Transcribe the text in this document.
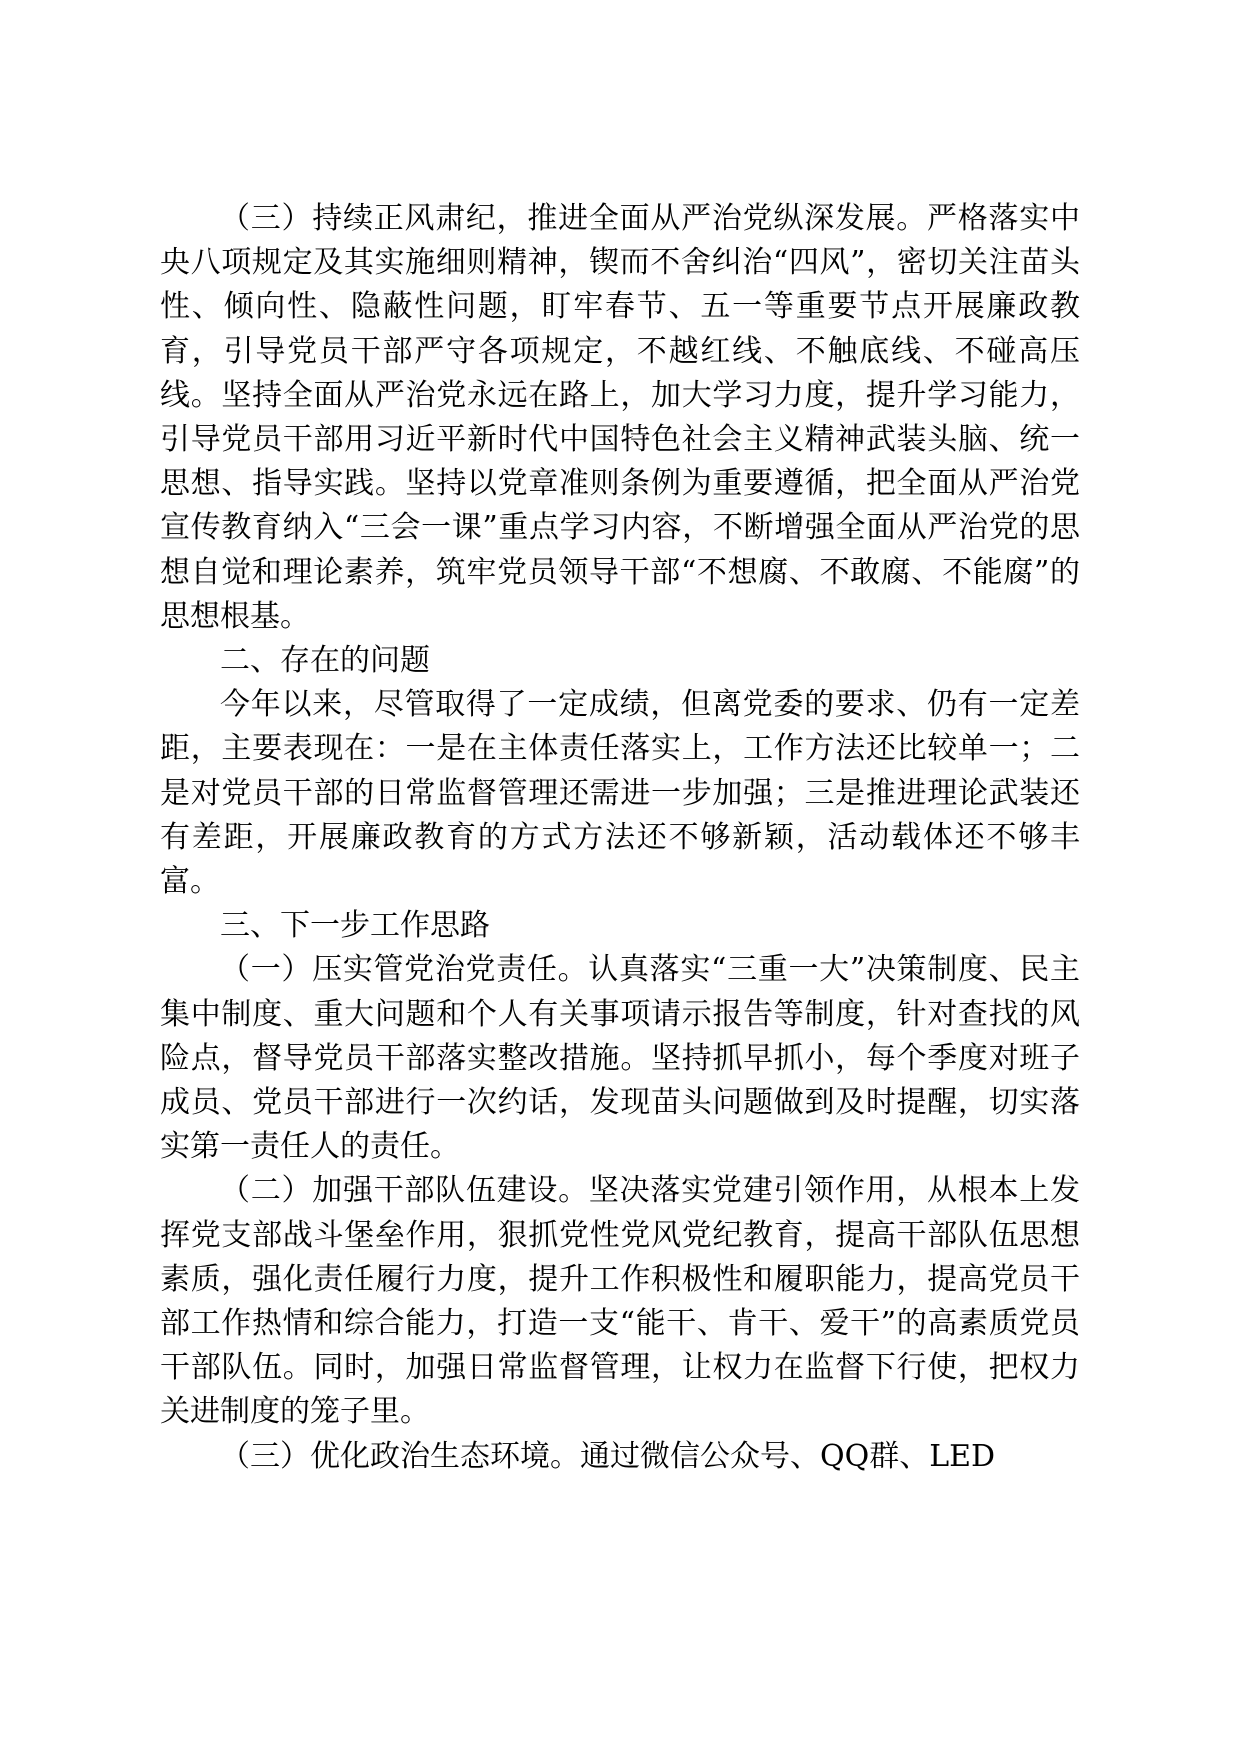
（三）持续正风肃纪，推进全面从严治党纵深发展。严格落实中央八项规定及其实施细则精神，锲而不舍纠治“四风”，密切关注苗头性、倾向性、隐蔽性问题，盯牢春节、五一等重要节点开展廉政教育，引导党员干部严守各项规定，不越红线、不触底线、不碰高压线。坚持全面从严治党永远在路上，加大学习力度，提升学习能力，引导党员干部用习近平新时代中国特色社会主义精神武装头脑、统一思想、指导实践。坚持以党章准则条例为重要遵循，把全面从严治党宣传教育纳入“三会一课”重点学习内容，不断增强全面从严治党的思想自觉和理论素养，筑牢党员领导干部“不想腐、不敢腐、不能腐”的思想根基。

二、存在的问题

今年以来，尽管取得了一定成绩，但离党委的要求、仍有一定差距，主要表现在：一是在主体责任落实上，工作方法还比较单一；二是对党员干部的日常监督管理还需进一步加强；三是推进理论武装还有差距，开展廉政教育的方式方法还不够新颖，活动载体还不够丰富。

三、下一步工作思路

（一）压实管党治党责任。认真落实“三重一大”决策制度、民主集中制度、重大问题和个人有关事项请示报告等制度，针对查找的风险点，督导党员干部落实整改措施。坚持抓早抓小，每个季度对班子成员、党员干部进行一次约话，发现苗头问题做到及时提醒，切实落实第一责任人的责任。

（二）加强干部队伍建设。坚决落实党建引领作用，从根本上发挥党支部战斗堡垒作用，狠抓党性党风党纪教育，提高干部队伍思想素质，强化责任履行力度，提升工作积极性和履职能力，提高党员干部工作热情和综合能力，打造一支“能干、肯干、爱干”的高素质党员干部队伍。同时，加强日常监督管理，让权力在监督下行使，把权力关进制度的笼子里。

（三）优化政治生态环境。通过微信公众号、QQ群、LED
